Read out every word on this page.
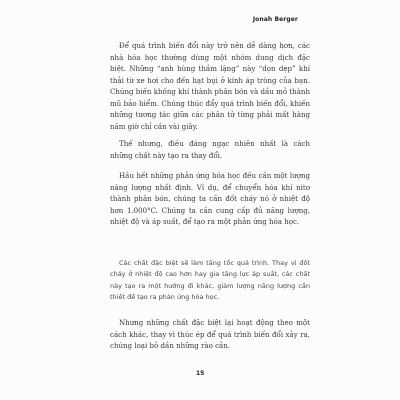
Jonah Berger

Để quá trình biến đổi này trở nên dễ dàng hơn, các nhà hóa học thường dùng một nhóm dung dịch đặc biệt. Những “anh hùng thầm lặng” này “dọn dẹp” khí thải từ xe hơi cho đến hạt bụi ở kính áp tròng của bạn. Chúng biến khống khí thành phân bón và dầu mỏ thành mũ bảo hiểm. Chúng thúc đẩy quá trình biến đổi, khiến những tương tác giữa các phân tử từng phải mất hàng năm giờ chỉ cần vài giây.

Thế nhưng, điều đáng ngạc nhiên nhất là cách những chất này tạo ra thay đổi.

Hầu hết những phản ứng hóa học đều cần một lượng năng lượng nhất định. Ví dụ, để chuyển hóa khí nitơ thành phân bón, chúng ta cần đốt cháy nó ở nhiệt độ hơn 1.000°C. Chúng ta cần cung cấp đủ năng lượng, nhiệt độ và áp suất, để tạo ra một phản ứng hóa học.

Các chất đặc biệt sẽ làm tăng tốc quá trình. Thay vì đốt cháy ở nhiệt độ cao hơn hay gia tăng lực áp suất, các chất này tạo ra một hướng đi khác, giảm lượng năng lượng cần thiết để tạo ra phản ứng hóa học.

Nhưng những chất đặc biệt lại hoạt động theo một cách khác, thay vì thúc ép để quá trình biến đổi xảy ra, chúng loại bỏ dần những rào cản.

15
